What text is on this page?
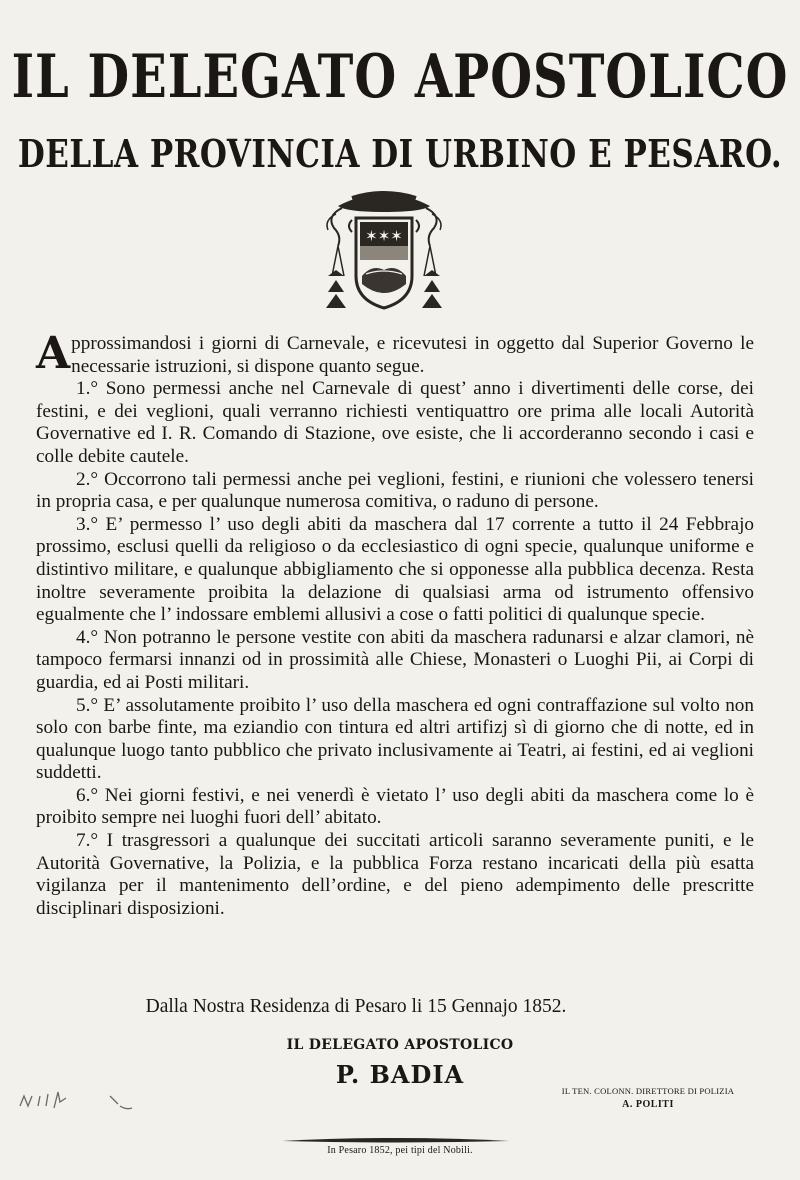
IL DELEGATO APOSTOLICO
DELLA PROVINCIA DI URBINO E PESARO.
✶✶✶

Approssimandosi i giorni di Carnevale, e ricevutesi in oggetto dal Superior Governo le necessarie istruzioni, si dispone quanto segue.

1.° Sono permessi anche nel Carnevale di quest’ anno i divertimenti delle corse, dei festini, e dei veglioni, quali verranno richiesti ventiquattro ore prima alle locali Autorità Governative ed I. R. Comando di Stazione, ove esiste, che li accorderanno secondo i casi e colle debite cautele.

2.° Occorrono tali permessi anche pei veglioni, festini, e riunioni che volessero tenersi in propria casa, e per qualunque numerosa comitiva, o raduno di persone.

3.° E’ permesso l’ uso degli abiti da maschera dal 17 corrente a tutto il 24 Febbrajo prossimo, esclusi quelli da religioso o da ecclesiastico di ogni specie, qualunque uniforme e distintivo militare, e qualunque abbigliamento che si opponesse alla pubblica decenza. Resta inoltre severamente proibita la delazione di qualsiasi arma od istrumento offensivo egualmente che l’ indossare emblemi allusivi a cose o fatti politici di qualunque specie.

4.° Non potranno le persone vestite con abiti da maschera radunarsi e alzar clamori, nè tampoco fermarsi innanzi od in prossimità alle Chiese, Monasteri o Luoghi Pii, ai Corpi di guardia, ed ai Posti militari.

5.° E’ assolutamente proibito l’ uso della maschera ed ogni contraffazione sul volto non solo con barbe finte, ma eziandio con tintura ed altri artifizj sì di giorno che di notte, ed in qualunque luogo tanto pubblico che privato inclusivamente ai Teatri, ai festini, ed ai veglioni suddetti.

6.° Nei giorni festivi, e nei venerdì è vietato l’ uso degli abiti da maschera come lo è proibito sempre nei luoghi fuori dell’ abitato.

7.° I trasgressori a qualunque dei succitati articoli saranno severamente puniti, e le Autorità Governative, la Polizia, e la pubblica Forza restano incaricati della più esatta vigilanza per il mantenimento dell’ordine, e del pieno adempimento delle prescritte disciplinari disposizioni.

Dalla Nostra Residenza di Pesaro li 15 Gennajo 1852.
IL DELEGATO APOSTOLICO
P. BADIA
IL TEN. COLONN. DIRETTORE DI POLIZIA
A. POLITI
In Pesaro 1852, pei tipi del Nobili.
